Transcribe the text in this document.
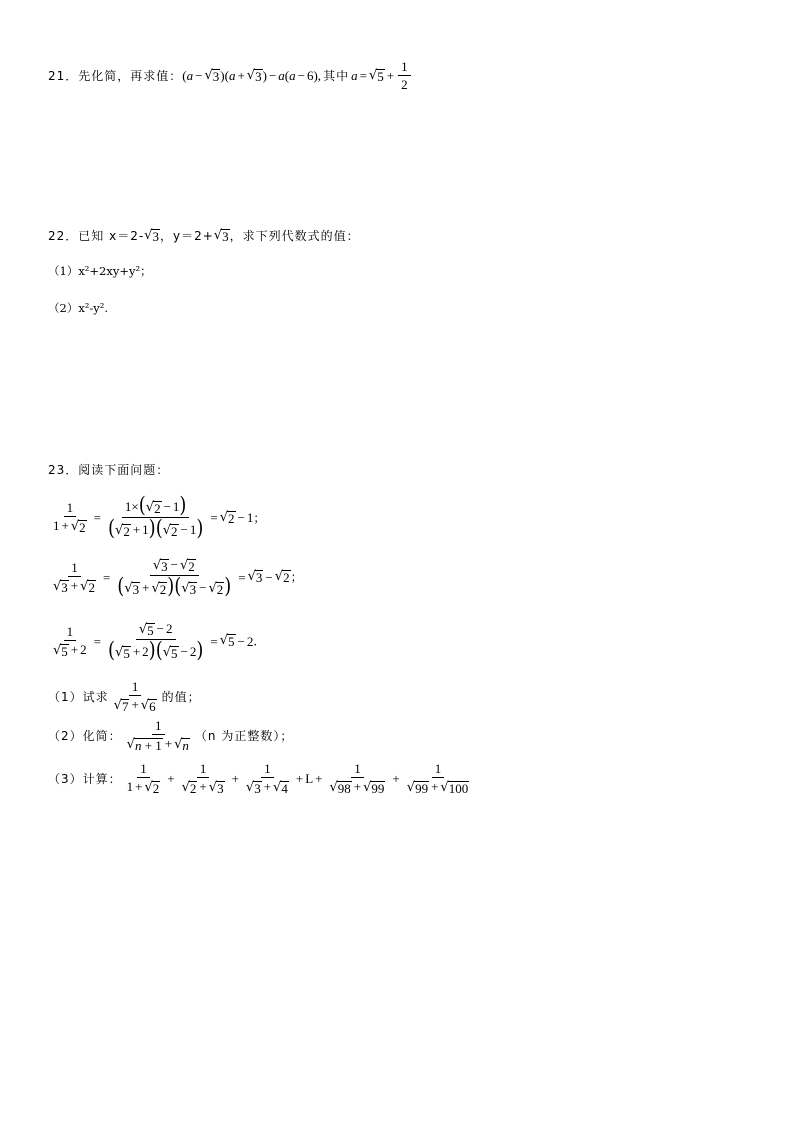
21． 先化简，再求值： ( a − √ 3 )( a + √ 3 ) − a ( a − 6), 其中 a = √ $5 + \frac{1}{2}$
22． 已知 x＝2- √ 3 ，y＝2+ √ 3 ，求下列代数式的值：
（1）x²+2xy+y²；
（2）x²-y².
23． 阅读下面问题：
$\frac{1}{1 + √ 2} = \frac{1\times( √ 2 - 1)}{( √ 2 + 1)( √ 2 - 1)}$ = √ 2 − 1 ；
$\frac{1}{√ 3 + √ 2} = \frac{√ 3 - √ 2}{( √ 3 + √ 2 )( √ 3 - √ 2 )}$ = √ 3 − √ 2 ；
$\frac{1}{√ 5 + 2} = \frac{√ 5 - 2}{( √ 5 + 2)( √ 5 - 2)}$ = √ 5 − 2 ．
（1）试求 $\frac{1}{√ 7 + √ 6}$ 的值；
（2）化简： $\frac{1}{√ n + 1 + √ n} (n$ 为正整数）；
（3）计算： $\frac{1}{1 + √ 2} + \frac{1}{√ 2 + √ 3} + \frac{1}{√ 3 + √ 4} + L + \frac{1}{√ 98 + √ 99} + \frac{1}{√ 99 + √ 100}$
